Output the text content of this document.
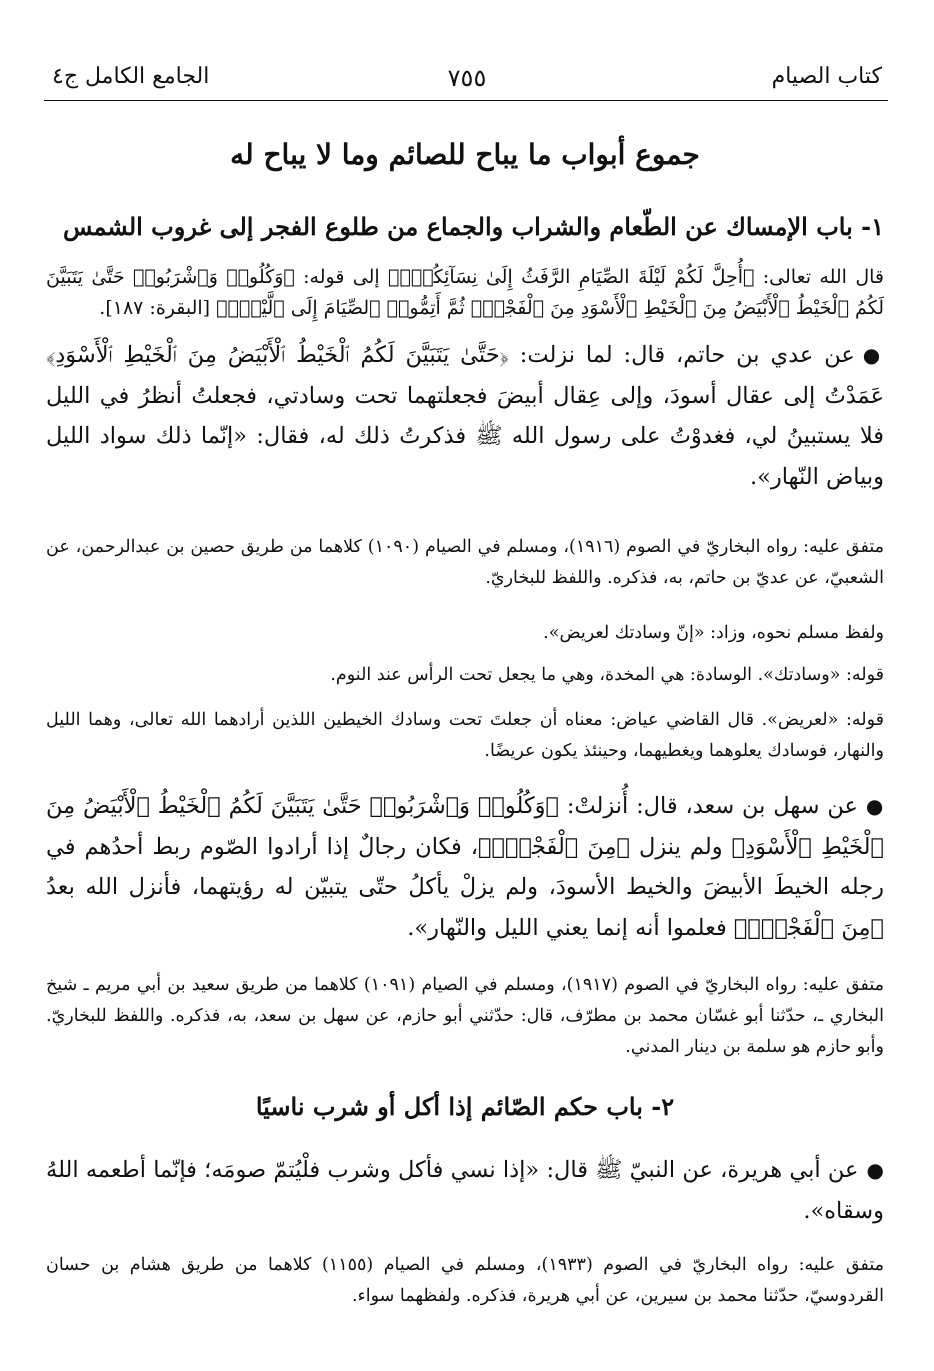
كتاب الصيام
٧٥٥
الجامع الكامل ج٤

جموع أبواب ما يباح للصائم وما لا يباح له

١- باب الإمساك عن الطّعام والشراب والجماع من طلوع الفجر إلى غروب الشمس

قال الله تعالى: ﴿أُحِلَّ لَكُمْ لَيْلَةَ الصِّيَامِ الرَّفَثُ إِلَىٰ نِسَآئِكُمْۚ﴾ إلى قوله: ﴿وَكُلُوا۟ وَٱشْرَبُوا۟ حَتَّىٰ يَتَبَيَّنَ لَكُمُ ٱلْخَيْطُ ٱلْأَبْيَضُ مِنَ ٱلْخَيْطِ ٱلْأَسْوَدِ مِنَ ٱلْفَجْرِۖ ثُمَّ أَتِمُّوا۟ ٱلصِّيَامَ إِلَى ٱلَّيْلِۚ﴾ [البقرة: ١٨٧].

●عن عدي بن حاتم، قال: لما نزلت: ﴿حَتَّىٰ يَتَبَيَّنَ لَكُمُ ٱلْخَيْطُ ٱلْأَبْيَضُ مِنَ ٱلْخَيْطِ ٱلْأَسْوَدِ﴾ عَمَدْتُ إلى عقال أسودَ، وإلى عِقال أبيضَ فجعلتهما تحت وسادتي، فجعلتُ أنظرُ في الليل فلا يستبينُ لي، فغدوْتُ على رسول الله ﷺ فذكرتُ ذلك له، فقال: «إنّما ذلك سواد الليل وبياض النّهار».

متفق عليه: رواه البخاريّ في الصوم (١٩١٦)، ومسلم في الصيام (١٠٩٠) كلاهما من طريق حصين بن عبدالرحمن، عن الشعبيّ، عن عديّ بن حاتم، به، فذكره. واللفظ للبخاريّ.

ولفظ مسلم نحوه، وزاد: «إنّ وسادتك لعريض».

قوله: «وسادتك». الوسادة: هي المخدة، وهي ما يجعل تحت الرأس عند النوم.

قوله: «لعريض». قال القاضي عياض: معناه أن جعلتَ تحت وسادك الخيطين اللذين أرادهما الله تعالى، وهما الليل والنهار، فوسادك يعلوهما ويغطيهما، وحينئذ يكون عريضًا.

●عن سهل بن سعد، قال: أُنزلتْ: ﴿وَكُلُوا۟ وَٱشْرَبُوا۟ حَتَّىٰ يَتَبَيَّنَ لَكُمُ ٱلْخَيْطُ ٱلْأَبْيَضُ مِنَ ٱلْخَيْطِ ٱلْأَسْوَدِ﴾ ولم ينزل ﴿مِنَ ٱلْفَجْرِۖ﴾، فكان رجالٌ إذا أرادوا الصّوم ربط أحدُهم في رجله الخيطَ الأبيضَ والخيط الأسودَ، ولم يزلْ يأكلُ حتّى يتبيّن له رؤيتهما، فأنزل الله بعدُ ﴿مِنَ ٱلْفَجْرِۖ﴾ فعلموا أنه إنما يعني الليل والنّهار».

متفق عليه: رواه البخاريّ في الصوم (١٩١٧)، ومسلم في الصيام (١٠٩١) كلاهما من طريق سعيد بن أبي مريم ـ شيخ البخاري ـ، حدّثنا أبو غسّان محمد بن مطرّف، قال: حدّثني أبو حازم، عن سهل بن سعد، به، فذكره. واللفظ للبخاريّ. وأبو حازم هو سلمة بن دينار المدني.

٢- باب حكم الصّائم إذا أكل أو شرب ناسيًا

●عن أبي هريرة، عن النبيّ ﷺ قال: «إذا نسي فأكل وشرب فلْيُتمّ صومَه؛ فإنّما أطعمه اللهُ وسقاه».

متفق عليه: رواه البخاريّ في الصوم (١٩٣٣)، ومسلم في الصيام (١١٥٥) كلاهما من طريق هشام بن حسان القردوسيّ، حدّثنا محمد بن سيرين، عن أبي هريرة، فذكره. ولفظهما سواء.
